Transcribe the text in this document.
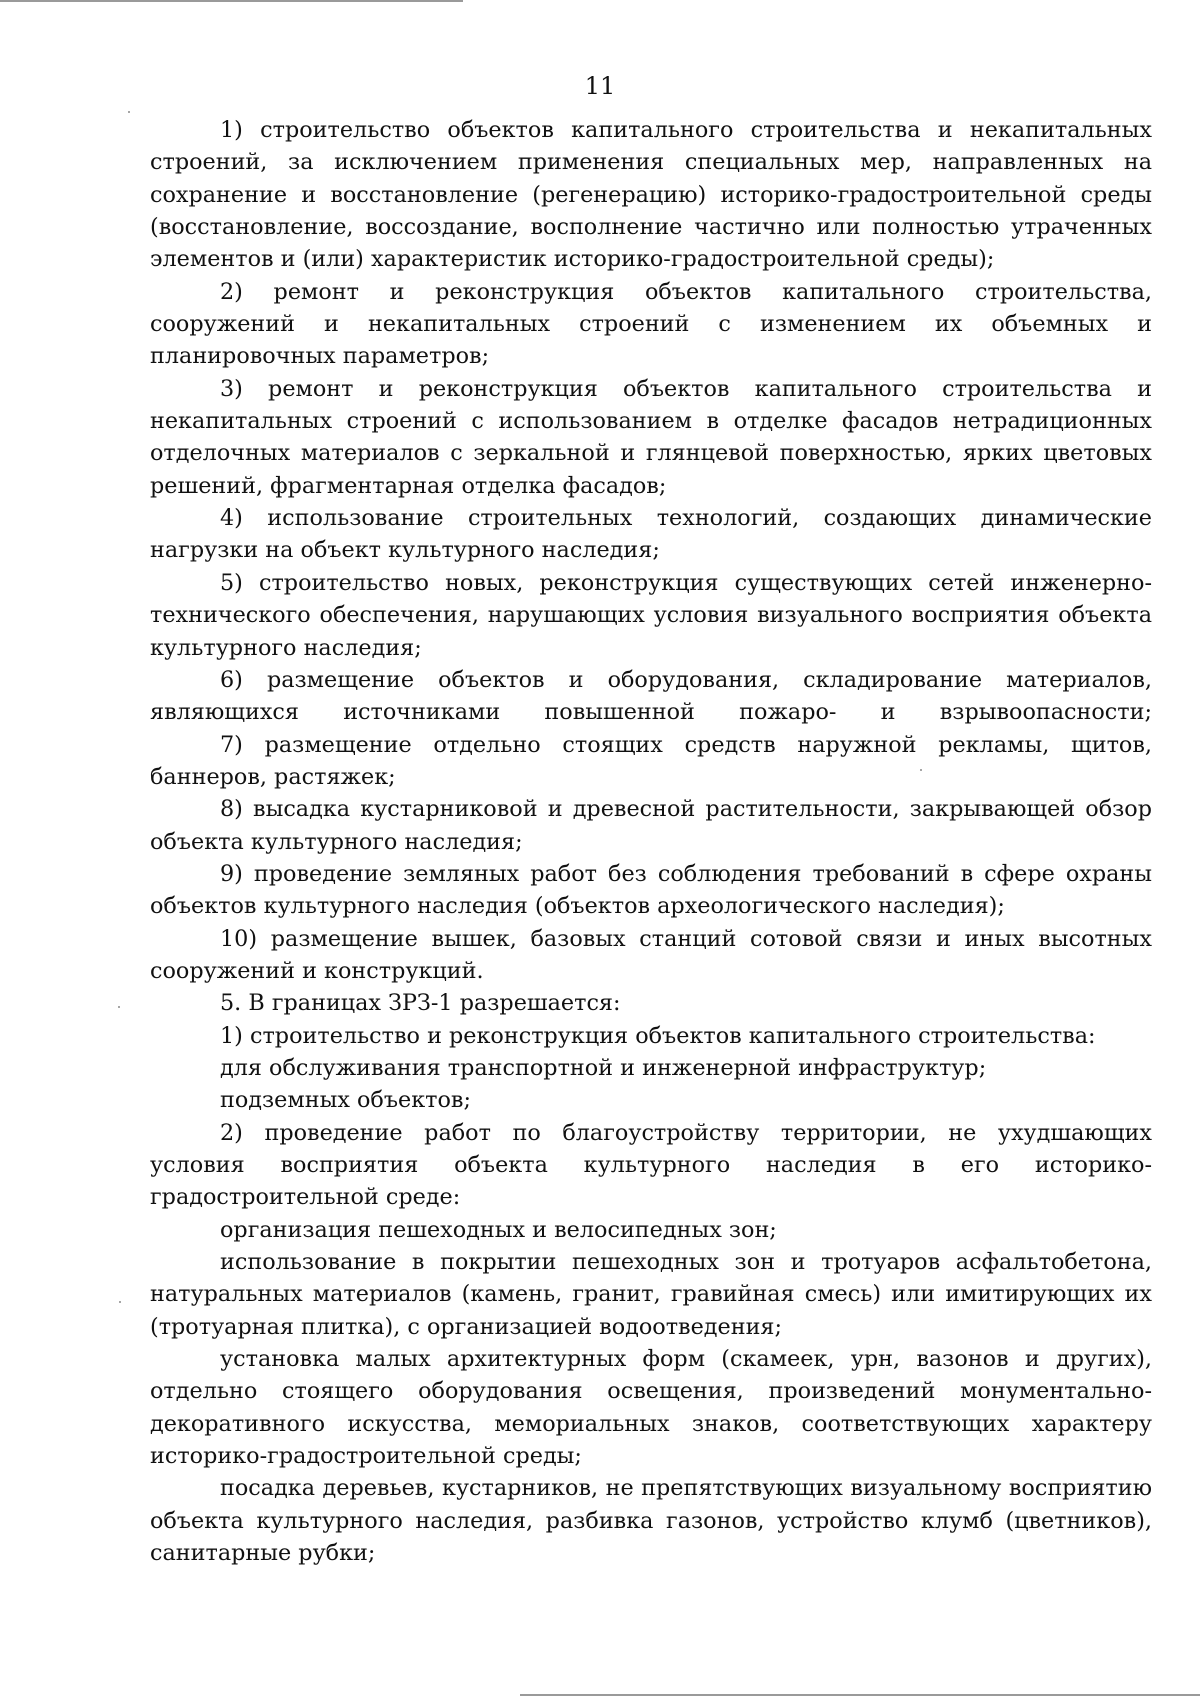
11

1) строительство объектов капитального строительства и некапитальных строений, за исключением применения специальных мер, направленных на сохранение и восстановление (регенерацию) историко-градостроительной среды (восстановление, воссоздание, восполнение частично или полностью утраченных элементов и (или) характеристик историко-градостроительной среды);

2) ремонт и реконструкция объектов капитального строительства, сооружений и некапитальных строений с изменением их объемных и планировочных параметров;

3) ремонт и реконструкция объектов капитального строительства и некапитальных строений с использованием в отделке фасадов нетрадиционных отделочных материалов с зеркальной и глянцевой поверхностью, ярких цветовых решений, фрагментарная отделка фасадов;

4) использование строительных технологий, создающих динамические нагрузки на объект культурного наследия;

5) строительство новых, реконструкция существующих сетей инженерно-технического обеспечения, нарушающих условия визуального восприятия объекта культурного наследия;

6) размещение объектов и оборудования, складирование материалов, являющихся источниками повышенной пожаро- и взрывоопасности;

7) размещение отдельно стоящих средств наружной рекламы, щитов, баннеров, растяжек;

8) высадка кустарниковой и древесной растительности, закрывающей обзор объекта культурного наследия;

9) проведение земляных работ без соблюдения требований в сфере охраны объектов культурного наследия (объектов археологического наследия);

10) размещение вышек, базовых станций сотовой связи и иных высотных сооружений и конструкций.

5. В границах ЗРЗ-1 разрешается:

1) строительство и реконструкция объектов капитального строительства:

для обслуживания транспортной и инженерной инфраструктур;

подземных объектов;

2) проведение работ по благоустройству территории, не ухудшающих условия восприятия объекта культурного наследия в его историко-градостроительной среде:

организация пешеходных и велосипедных зон;

использование в покрытии пешеходных зон и тротуаров асфальтобетона, натуральных материалов (камень, гранит, гравийная смесь) или имитирующих их (тротуарная плитка), с организацией водоотведения;

установка малых архитектурных форм (скамеек, урн, вазонов и других), отдельно стоящего оборудования освещения, произведений монументально-декоративного искусства, мемориальных знаков, соответствующих характеру историко-градостроительной среды;

посадка деревьев, кустарников, не препятствующих визуальному восприятию объекта культурного наследия, разбивка газонов, устройство клумб (цветников), санитарные рубки;
